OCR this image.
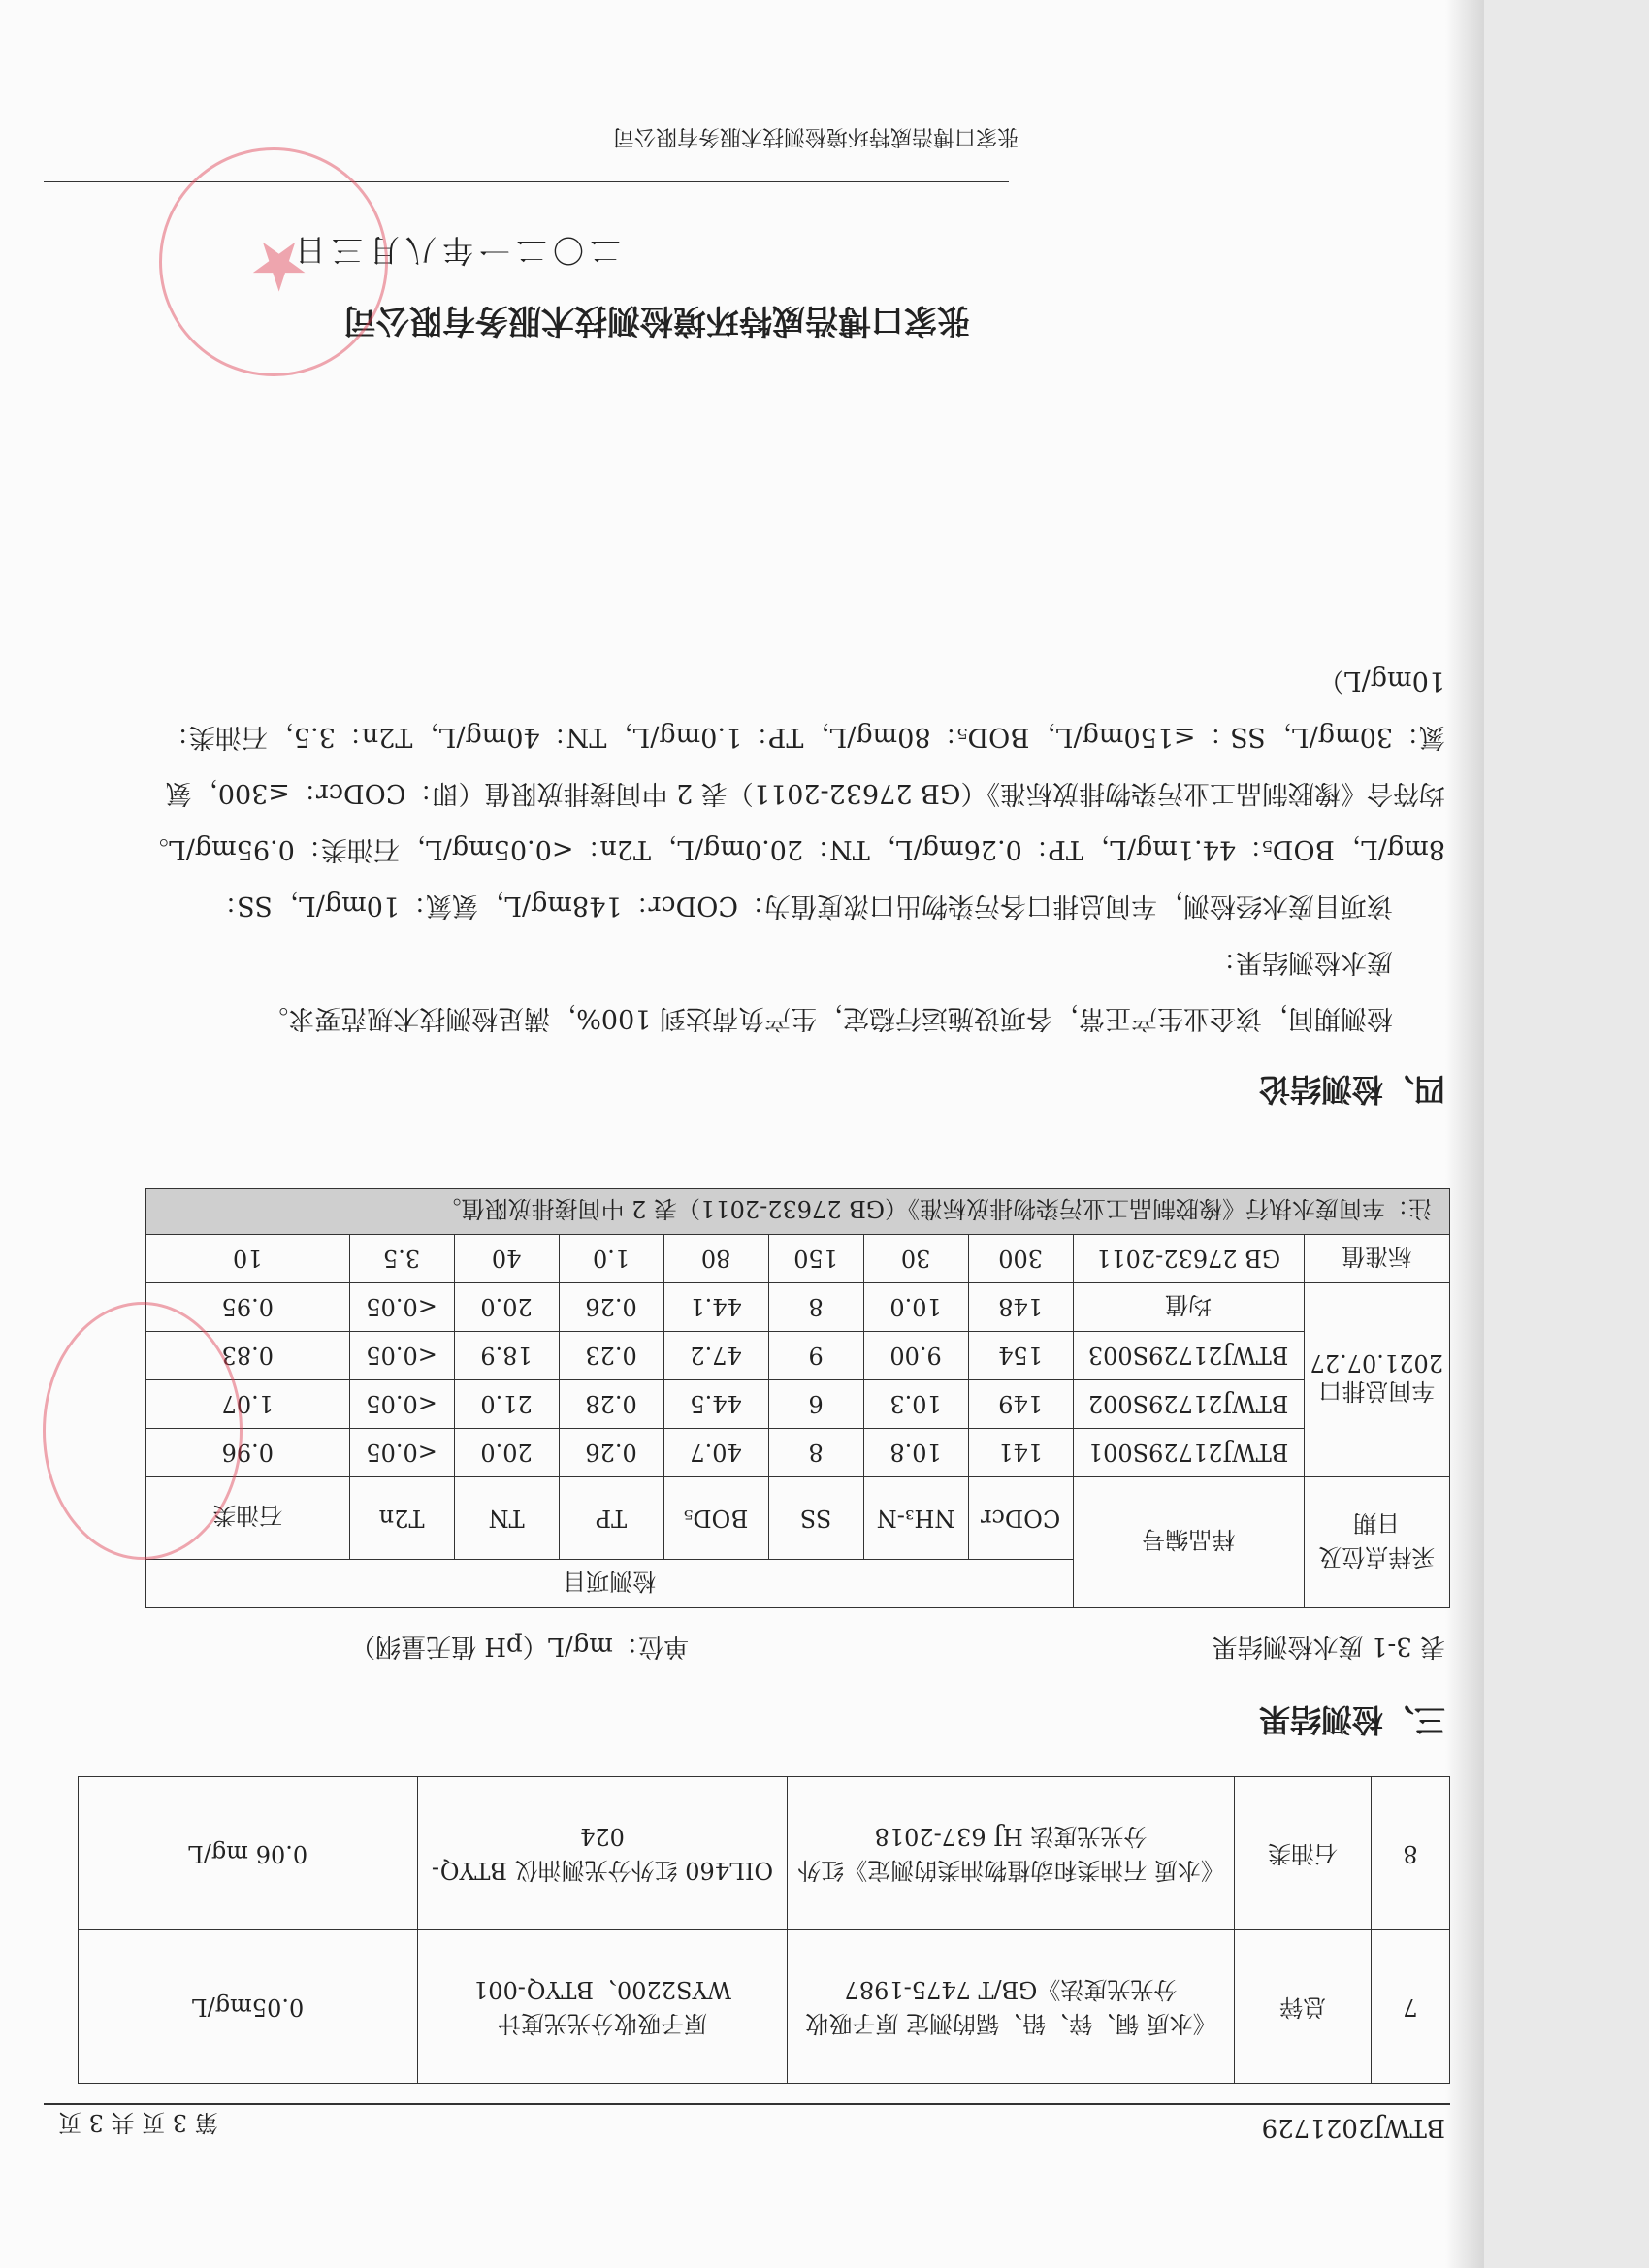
BTWJ2021729
第 3 页 共 3 页
7	总锌	《水质 铜、锌、铅、镉的测定 原子吸收分光光度法》GB/T 7475-1987	原子吸收分光光度计 WYS2200、BTYQ-001	0.05mg/L
8	石油类	《水质 石油类和动植物油类的测定》红外分光光度法 HJ 637-2018	OIL460 红外分光测油仪 BTYQ-024	0.06 mg/L
三、检测结果
表 3-1 废水检测结果
单位：mg/L（pH 值无量纲）
采样点位及日期	样品编号	检测项目							
		CODcr	NH₃-N	SS	BOD₅	TP	TN	T2n	石油类

车间总排口
2021.07.27	BTWJ21729S001	141	10.8	8	40.7	0.26	20.0	<0.05	0.96
	BTWJ21729S002	149	10.3	6	44.5	0.28	21.0	<0.05	1.07
	BTWJ21729S003	154	9.00	9	47.2	0.23	18.9	<0.05	0.83
	均值	148	10.0	8	44.1	0.26	20.0	<0.05	0.95
标准值	GB 27632-2011	300	30	150	80	1.0	40	3.5	10
注：车间废水执行《橡胶制品工业污染物排放标准》（GB 27632-2011）表 2 中间接排放限值。									
四、检测结论

检测期间，该企业生产正常，各项设施运行稳定，生产负荷达到 100%，满足检测技术规范要求。

废水检测结果：

该项目废水经检测，车间总排口各污染物出口浓度值为：CODcr：148mg/L，氨氮：10mg/L，SS：8mg/L，BOD₅：44.1mg/L，TP：0.26mg/L，TN：20.0mg/L，T2n：<0.05mg/L，石油类：0.95mg/L。均符合《橡胶制品工业污染物排放标准》（GB 27632-2011）表 2 中间接排放限值（即：CODcr：≤300，氨氮：30mg/L，SS ：≤150mg/L，BOD₅：80mg/L，TP：1.0mg/L，TN：40mg/L，T2n：3.5，石油类：10mg/L）

张家口博浩威特环境检测技术服务有限公司
二〇二一年八月三日
张家口博浩威特环境检测技术服务有限公司
★
